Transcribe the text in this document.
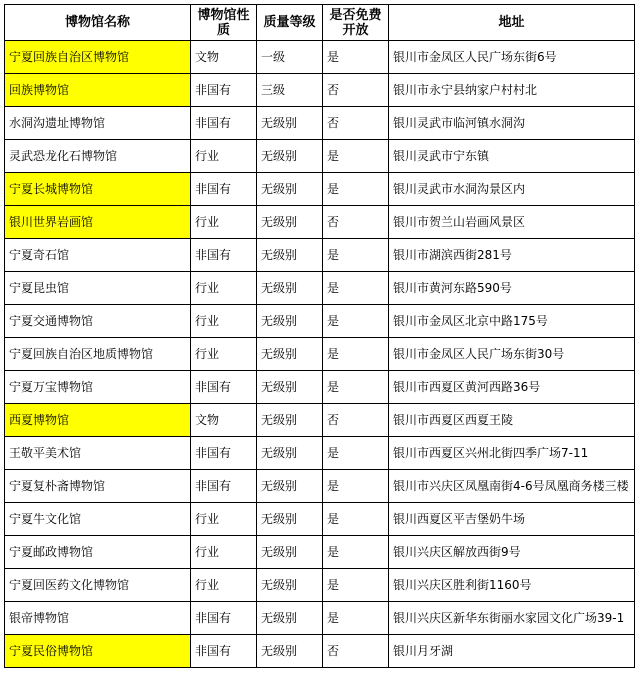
博物馆名称	博物馆性质	质量等级	是否免费开放	地址
宁夏回族自治区博物馆	文物	一级	是	银川市金凤区人民广场东街6号
回族博物馆	非国有	三级	否	银川市永宁县纳家户村村北
水洞沟遗址博物馆	非国有	无级别	否	银川灵武市临河镇水洞沟
灵武恐龙化石博物馆	行业	无级别	是	银川灵武市宁东镇
宁夏长城博物馆	非国有	无级别	是	银川灵武市水洞沟景区内
银川世界岩画馆	行业	无级别	否	银川市贺兰山岩画风景区
宁夏奇石馆	非国有	无级别	是	银川市湖滨西街281号
宁夏昆虫馆	行业	无级别	是	银川市黄河东路590号
宁夏交通博物馆	行业	无级别	是	银川市金凤区北京中路175号
宁夏回族自治区地质博物馆	行业	无级别	是	银川市金凤区人民广场东街30号
宁夏万宝博物馆	非国有	无级别	是	银川市西夏区黄河西路36号
西夏博物馆	文物	无级别	否	银川市西夏区西夏王陵
王敬平美术馆	非国有	无级别	是	银川市西夏区兴州北街四季广场7-11
宁夏复朴斋博物馆	非国有	无级别	是	银川市兴庆区凤凰南街4-6号凤凰商务楼三楼
宁夏牛文化馆	行业	无级别	是	银川西夏区平吉堡奶牛场
宁夏邮政博物馆	行业	无级别	是	银川兴庆区解放西街9号
宁夏回医药文化博物馆	行业	无级别	是	银川兴庆区胜利街1160号
银帝博物馆	非国有	无级别	是	银川兴庆区新华东街丽水家园文化广场39-1
宁夏民俗博物馆	非国有	无级别	否	银川月牙湖
